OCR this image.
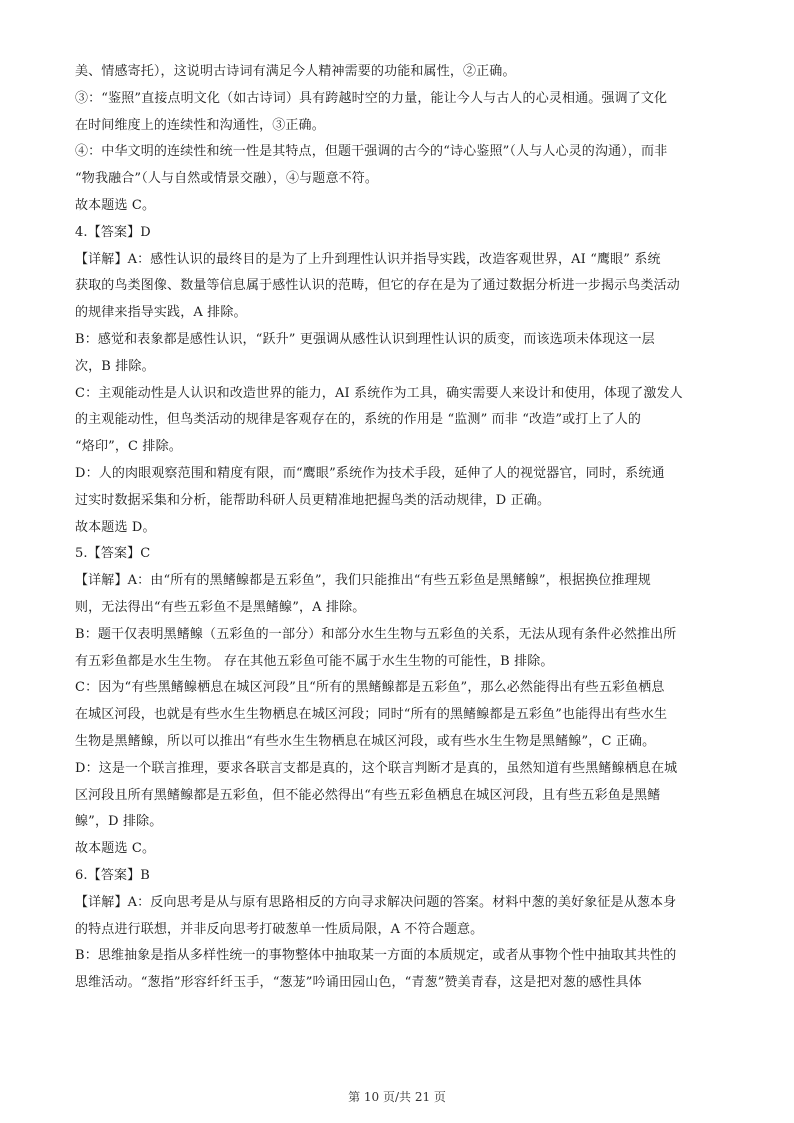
美、情感寄托），这说明古诗词有满足今人精神需要的功能和属性，②正确。
③：“鉴照”直接点明文化（如古诗词）具有跨越时空的力量，能让今人与古人的心灵相通。强调了文化
在时间维度上的连续性和沟通性，③正确。
④：中华文明的连续性和统一性是其特点，但题干强调的古今的“诗心鉴照”（人与人心灵的沟通），而非
“物我融合”（人与自然或情景交融），④与题意不符。
故本题选 C。
4.【答案】D
【详解】A：感性认识的最终目的是为了上升到理性认识并指导实践，改造客观世界，AI “鹰眼” 系统
获取的鸟类图像、数量等信息属于感性认识的范畴，但它的存在是为了通过数据分析进一步揭示鸟类活动
的规律来指导实践，A 排除。
B：感觉和表象都是感性认识，“跃升” 更强调从感性认识到理性认识的质变，而该选项未体现这一层
次，B 排除。
C：主观能动性是人认识和改造世界的能力，AI 系统作为工具，确实需要人来设计和使用，体现了激发人
的主观能动性，但鸟类活动的规律是客观存在的，系统的作用是 “监测” 而非 “改造”或打上了人的
“烙印”，C 排除。
D：人的肉眼观察范围和精度有限，而“鹰眼”系统作为技术手段，延伸了人的视觉器官，同时，系统通
过实时数据采集和分析，能帮助科研人员更精准地把握鸟类的活动规律，D 正确。
故本题选 D。
5.【答案】C
【详解】A：由“所有的黑鳍鳈都是五彩鱼”，我们只能推出“有些五彩鱼是黑鳍鳈”，根据换位推理规
则，无法得出“有些五彩鱼不是黑鳍鳈”，A 排除。
B：题干仅表明黑鳍鳈（五彩鱼的一部分）和部分水生生物与五彩鱼的关系，无法从现有条件必然推出所
有五彩鱼都是水生生物。 存在其他五彩鱼可能不属于水生生物的可能性，B 排除。
C：因为“有些黑鳍鳈栖息在城区河段”且“所有的黑鳍鳈都是五彩鱼”，那么必然能得出有些五彩鱼栖息
在城区河段，也就是有些水生生物栖息在城区河段；同时“所有的黑鳍鳈都是五彩鱼”也能得出有些水生
生物是黑鳍鳈，所以可以推出“有些水生生物栖息在城区河段，或有些水生生物是黑鳍鳈”，C 正确。
D：这是一个联言推理，要求各联言支都是真的，这个联言判断才是真的，虽然知道有些黑鳍鳈栖息在城
区河段且所有黑鳍鳈都是五彩鱼，但不能必然得出“有些五彩鱼栖息在城区河段，且有些五彩鱼是黑鳍
鳈”，D 排除。
故本题选 C。
6.【答案】B
【详解】A：反向思考是从与原有思路相反的方向寻求解决问题的答案。材料中葱的美好象征是从葱本身
的特点进行联想，并非反向思考打破葱单一性质局限，A 不符合题意。
B：思维抽象是指从多样性统一的事物整体中抽取某一方面的本质规定，或者从事物个性中抽取其共性的
思维活动。“葱指”形容纤纤玉手，“葱茏”吟诵田园山色，“青葱”赞美青春，这是把对葱的感性具体
第 10 页/共 21 页
